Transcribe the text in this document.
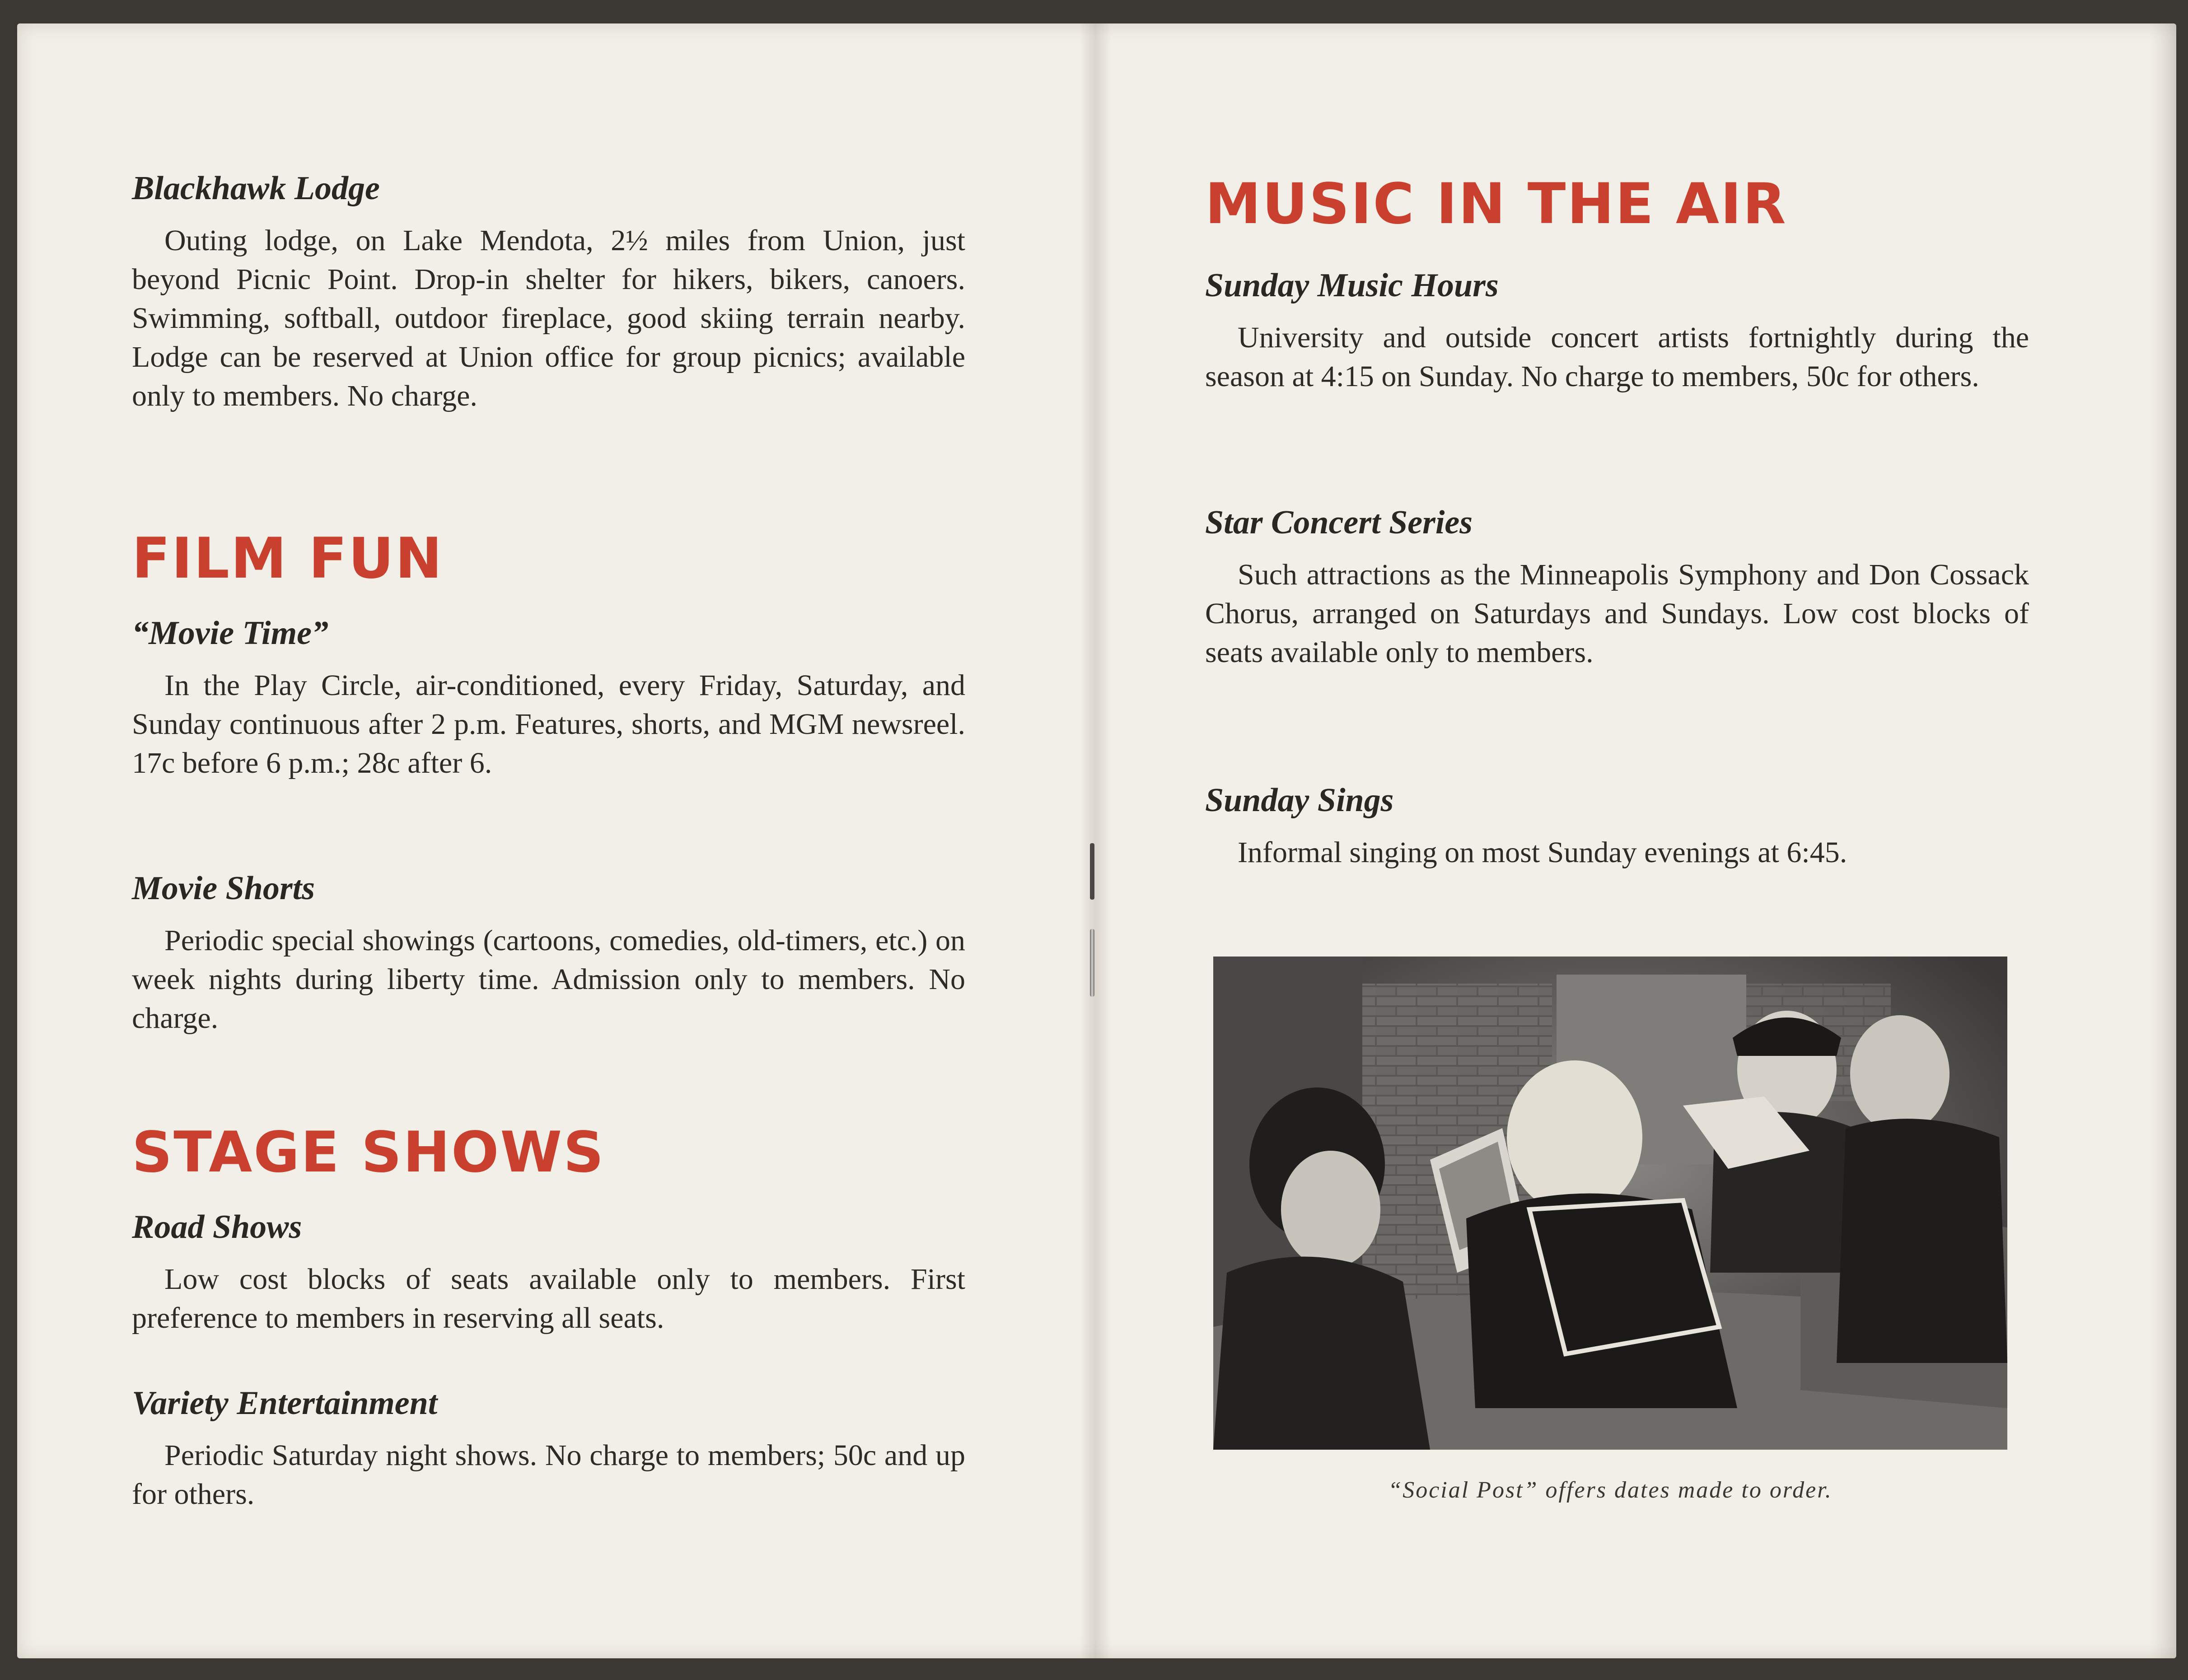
Blackhawk Lodge

Outing lodge, on Lake Mendota, 2½ miles from Union, just beyond Picnic Point. Drop-in shelter for hikers, bikers, canoers. Swimming, softball, outdoor fireplace, good skiing terrain nearby. Lodge can be reserved at Union office for group picnics; available only to members. No charge.

FILM FUN
“Movie Time”

In the Play Circle, air-conditioned, every Friday, Saturday, and Sunday continuous after 2 p.m. Features, shorts, and MGM newsreel. 17c before 6 p.m.; 28c after 6.

Movie Shorts

Periodic special showings (cartoons, comedies, old-timers, etc.) on week nights during liberty time. Admission only to members. No charge.

STAGE SHOWS
Road Shows

Low cost blocks of seats available only to members. First preference to members in reserving all seats.

Variety Entertainment

Periodic Saturday night shows. No charge to members; 50c and up for others.

MUSIC IN THE AIR
Sunday Music Hours

University and outside concert artists fortnightly during the season at 4:15 on Sunday. No charge to members, 50c for others.

Star Concert Series

Such attractions as the Minneapolis Symphony and Don Cossack Chorus, arranged on Saturdays and Sundays. Low cost blocks of seats available only to members.

Sunday Sings

Informal singing on most Sunday evenings at 6:45.

“Social Post” offers dates made to order.
